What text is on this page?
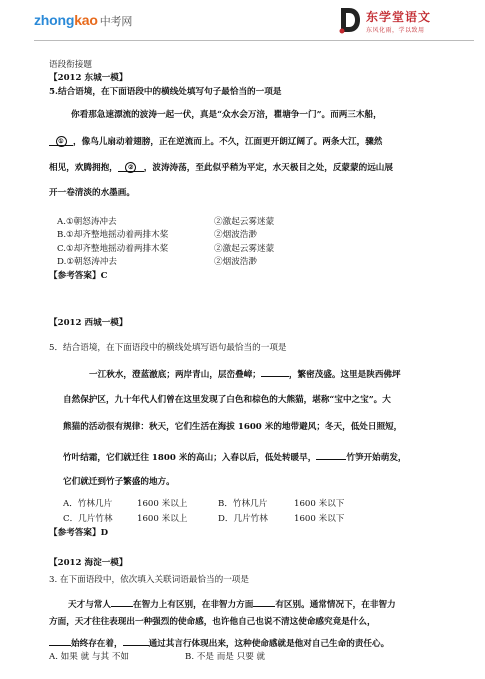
zhongkao 中考网	东学堂语文
东风化雨，学以致用
语段衔接题
【2012 东城一模】
5.结合语境，在下面语段中的横线处填写句子最恰当的一项是
你看那急速漂流的波涛一起一伏，真是“众水会万涪，瞿塘争一门”。而两三木船，
① ，像鸟儿扇动着翅膀，正在逆流而上。不久，江面更开朗辽阔了。两条大江，骤然
相见，欢腾拥抱， ② ，波涛涛荡，至此似乎稍为平定，水天极目之处，反蒙蒙的远山展
开一卷清淡的水墨画。
A.①朝怒涛冲去	②激起云雾迷蒙
B.①却齐整地摇动着两排木桨	②烟波浩渺
C.①却齐整地摇动着两排木桨	②激起云雾迷蒙
D.①朝怒涛冲去	②烟波浩渺
【参考答案】C
【2012 西城一模】
5．结合语境，在下面语段中的横线处填写语句最恰当的一项是
一江秋水，澄蓝澈底；两岸青山，层峦叠嶂；	，繁密茂盛。这里是陕西佛坪
自然保护区，九十年代人们曾在这里发现了白色和棕色的大熊猫，堪称“宝中之宝”。大
熊猫的活动很有规律：秋天，它们生活在海拔 1600 米的地带避风；冬天，低处日照短，
竹叶结霜，它们就迁往 1800 米的高山；入春以后，低处转暖早，	竹笋开始萌发，
它们就迁到竹子繁盛的地方。
A．竹林几片	1600 米以上	B．竹林几片	1600 米以下
C．几片竹林	1600 米以上	D．几片竹林	1600 米以下
【参考答案】D
【2012 海淀一模】
3. 在下面语段中，依次填入关联词语最恰当的一项是
天才与常人	在智力上有区别，在非智力方面	有区别。通常情况下，在非智力
方面，天才往往表现出一种强烈的使命感，也许他自己也说不清这使命感究竟是什么，
始终存在着，	通过其言行体现出来，这种使命感就是他对自己生命的责任心。
A. 如果 就 与其 不如	B. 不是 而是 只要 就
